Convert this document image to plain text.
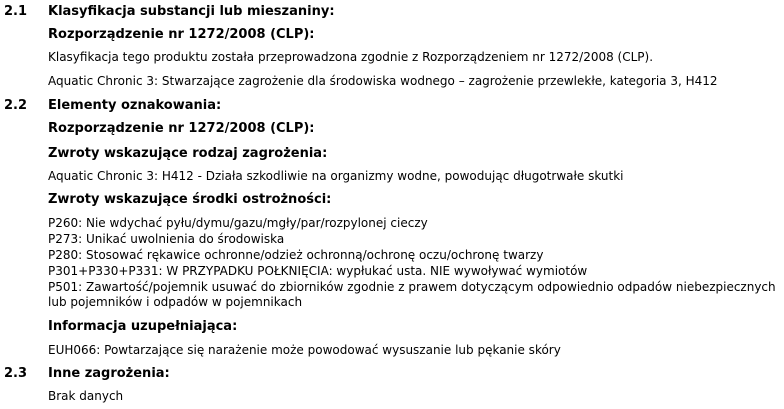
2.1 Klasyfikacja substancji lub mieszaniny:
Rozporządzenie nr 1272/2008 (CLP):
Klasyfikacja tego produktu została przeprowadzona zgodnie z Rozporządzeniem nr 1272/2008 (CLP).
Aquatic Chronic 3: Stwarzające zagrożenie dla środowiska wodnego – zagrożenie przewlekłe, kategoria 3, H412
2.2 Elementy oznakowania:
Rozporządzenie nr 1272/2008 (CLP):
Zwroty wskazujące rodzaj zagrożenia:
Aquatic Chronic 3: H412 - Działa szkodliwie na organizmy wodne, powodując długotrwałe skutki
Zwroty wskazujące środki ostrożności:
P260: Nie wdychać pyłu/dymu/gazu/mgły/par/rozpylonej cieczy
P273: Unikać uwolnienia do środowiska
P280: Stosować rękawice ochronne/odzież ochronną/ochronę oczu/ochronę twarzy
P301+P330+P331: W PRZYPADKU POŁKNIĘCIA: wypłukać usta. NIE wywoływać wymiotów
P501: Zawartość/pojemnik usuwać do zbiorników zgodnie z prawem dotyczącym odpowiednio odpadów niebezpiecznych lub pojemników i odpadów w pojemnikach
Informacja uzupełniająca:
EUH066: Powtarzające się narażenie może powodować wysuszanie lub pękanie skóry
2.3 Inne zagrożenia:
Brak danych
